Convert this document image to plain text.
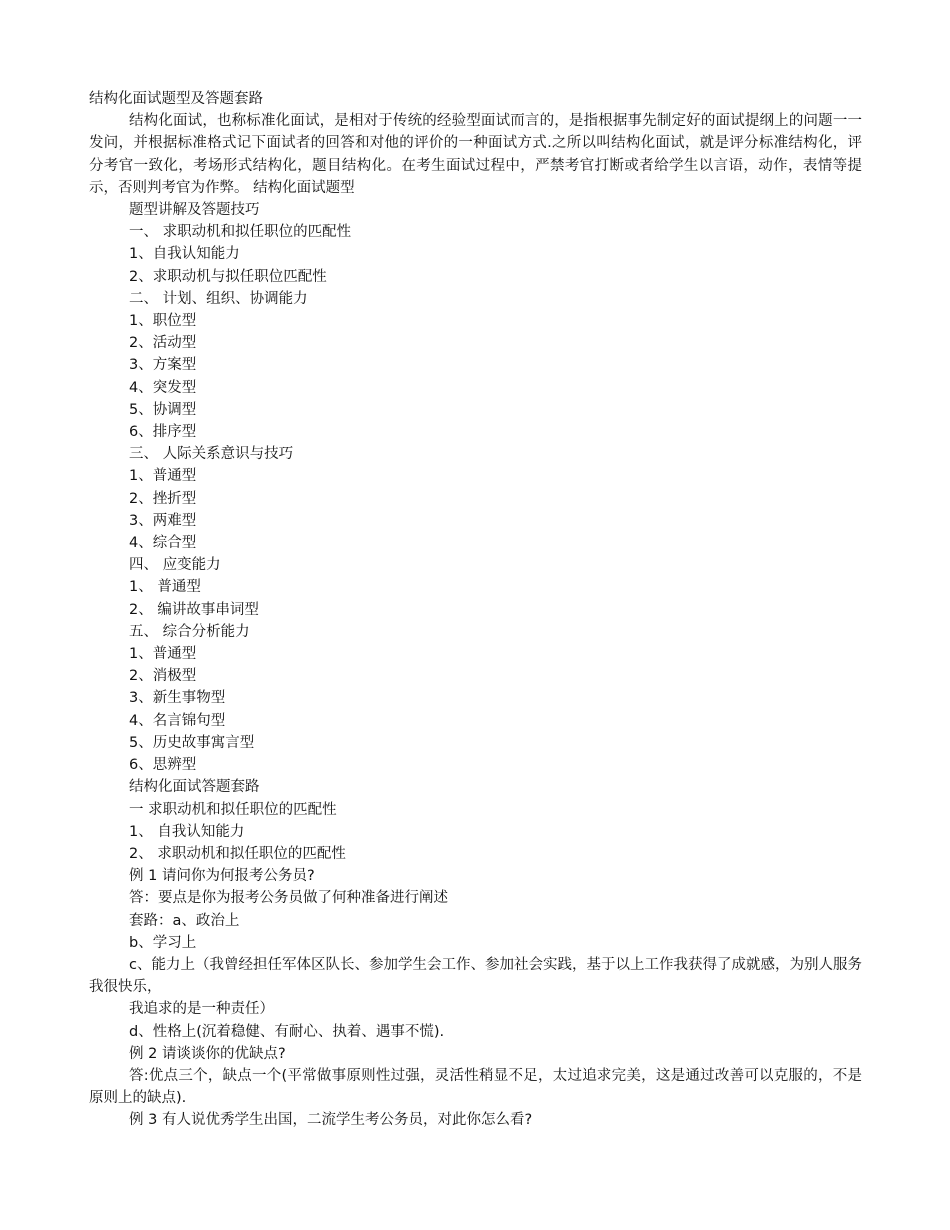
结构化面试题型及答题套路
结构化面试，也称标准化面试，是相对于传统的经验型面试而言的，是指根据事先制定好的面试提纲上的问题一一发问，并根据标准格式记下面试者的回答和对他的评价的一种面试方式.之所以叫结构化面试，就是评分标准结构化，评分考官一致化，考场形式结构化，题目结构化。在考生面试过程中，严禁考官打断或者给学生以言语，动作，表情等提示，否则判考官为作弊。 结构化面试题型
题型讲解及答题技巧
一、 求职动机和拟任职位的匹配性
1、自我认知能力
2、求职动机与拟任职位匹配性
二、 计划、组织、协调能力
1、职位型
2、活动型
3、方案型
4、突发型
5、协调型
6、排序型
三、 人际关系意识与技巧
1、普通型
2、挫折型
3、两难型
4、综合型
四、 应变能力
1、 普通型
2、 编讲故事串词型
五、 综合分析能力
1、普通型
2、消极型
3、新生事物型
4、名言锦句型
5、历史故事寓言型
6、思辨型
结构化面试答题套路
一 求职动机和拟任职位的匹配性
1、 自我认知能力
2、 求职动机和拟任职位的匹配性
例 1 请问你为何报考公务员?
答：要点是你为报考公务员做了何种准备进行阐述
套路：a、政治上
b、学习上
c、能力上（我曾经担任军体区队长、参加学生会工作、参加社会实践，基于以上工作我获得了成就感，为别人服务我很快乐，
我追求的是一种责任）
d、性格上(沉着稳健、有耐心、执着、遇事不慌).
例 2 请谈谈你的优缺点?
答:优点三个，缺点一个(平常做事原则性过强，灵活性稍显不足，太过追求完美，这是通过改善可以克服的，不是原则上的缺点).
例 3 有人说优秀学生出国，二流学生考公务员，对此你怎么看?
